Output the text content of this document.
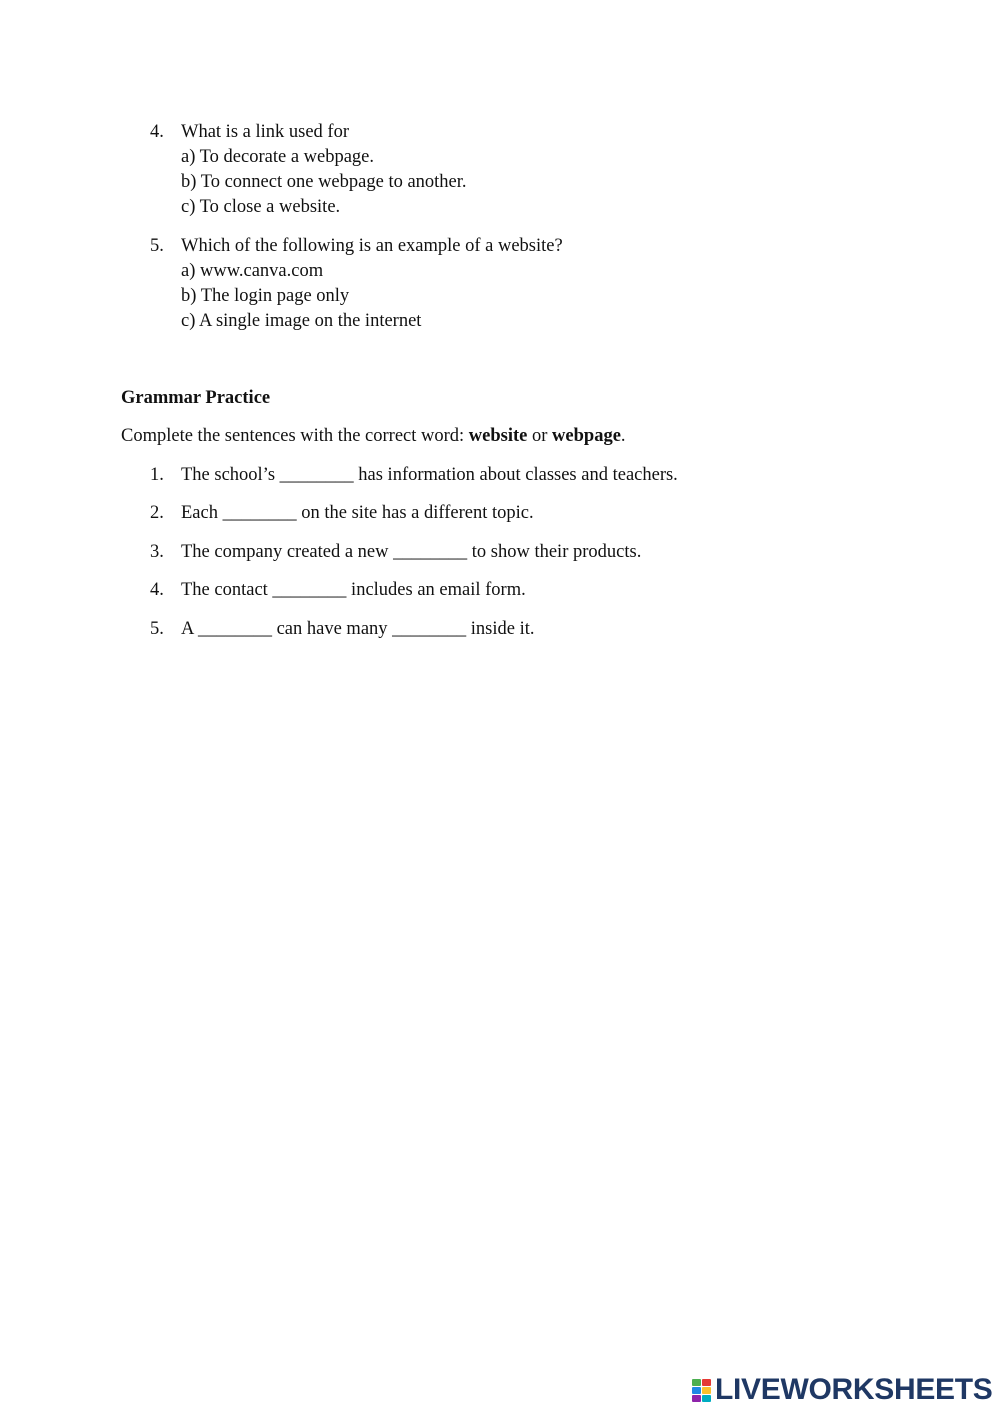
4. What is a link used for
a) To decorate a webpage.
b) To connect one webpage to another.
c) To close a website.
5. Which of the following is an example of a website?
a) www.canva.com
b) The login page only
c) A single image on the internet
Grammar Practice
Complete the sentences with the correct word: website or webpage.
1. The school’s ________ has information about classes and teachers.
2. Each ________ on the site has a different topic.
3. The company created a new ________ to show their products.
4. The contact ________ includes an email form.
5. A ________ can have many ________ inside it.
LIVEWORKSHEETS
